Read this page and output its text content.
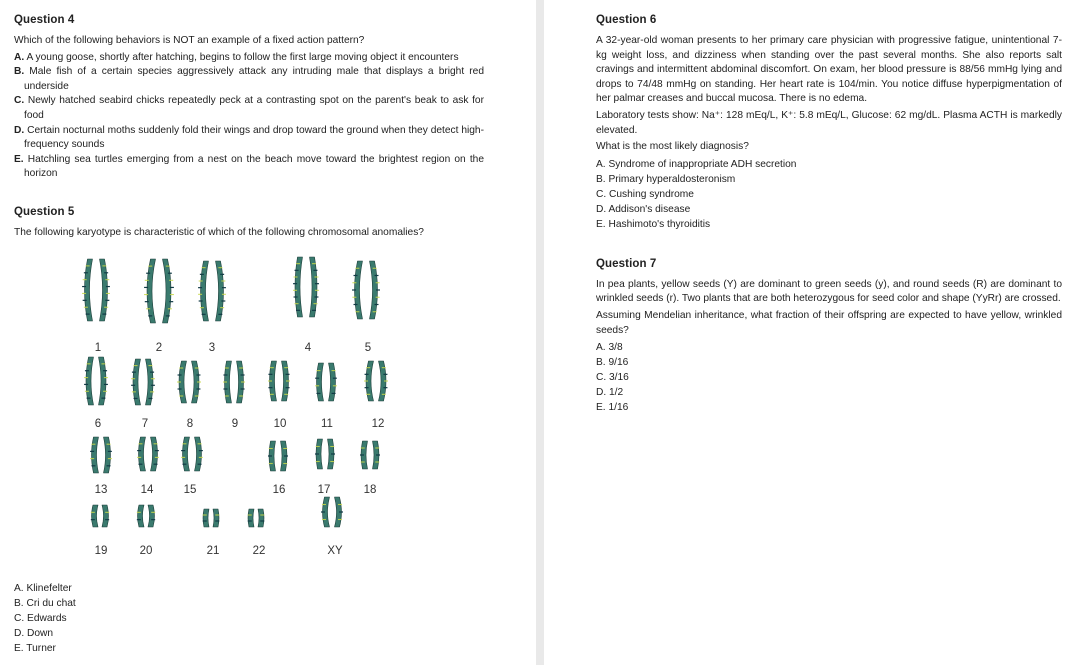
Question 4
Which of the following behaviors is NOT an example of a fixed action pattern?
A. A young goose, shortly after hatching, begins to follow the first large moving object it encounters
B. Male fish of a certain species aggressively attack any intruding male that displays a bright red underside
C. Newly hatched seabird chicks repeatedly peck at a contrasting spot on the parent's beak to ask for food
D. Certain nocturnal moths suddenly fold their wings and drop toward the ground when they detect high-frequency sounds
E. Hatchling sea turtles emerging from a nest on the beach move toward the brightest region on the horizon
Question 5
The following karyotype is characteristic of which of the following chromosomal anomalies?
1	2	3	4	5
6	7	8	9	10	11	12
13	14	15	16	17	18
19	20	21	22	XY
A. Klinefelter
B. Cri du chat
C. Edwards
D. Down
E. Turner
Question 6
A 32-year-old woman presents to her primary care physician with progressive fatigue, unintentional 7-kg weight loss, and dizziness when standing over the past several months. She also reports salt cravings and intermittent abdominal discomfort. On exam, her blood pressure is 88/56 mmHg lying and drops to 74/48 mmHg on standing. Her heart rate is 104/min. You notice diffuse hyperpigmentation of her palmar creases and buccal mucosa. There is no edema.
Laboratory tests show: Na⁺: 128 mEq/L, K⁺: 5.8 mEq/L, Glucose: 62 mg/dL. Plasma ACTH is markedly elevated.
What is the most likely diagnosis?
A. Syndrome of inappropriate ADH secretion
B. Primary hyperaldosteronism
C. Cushing syndrome
D. Addison's disease
E. Hashimoto's thyroiditis
Question 7
In pea plants, yellow seeds (Y) are dominant to green seeds (y), and round seeds (R) are dominant to wrinkled seeds (r). Two plants that are both heterozygous for seed color and shape (YyRr) are crossed.
Assuming Mendelian inheritance, what fraction of their offspring are expected to have yellow, wrinkled seeds?
A. 3/8
B. 9/16
C. 3/16
D. 1/2
E. 1/16
